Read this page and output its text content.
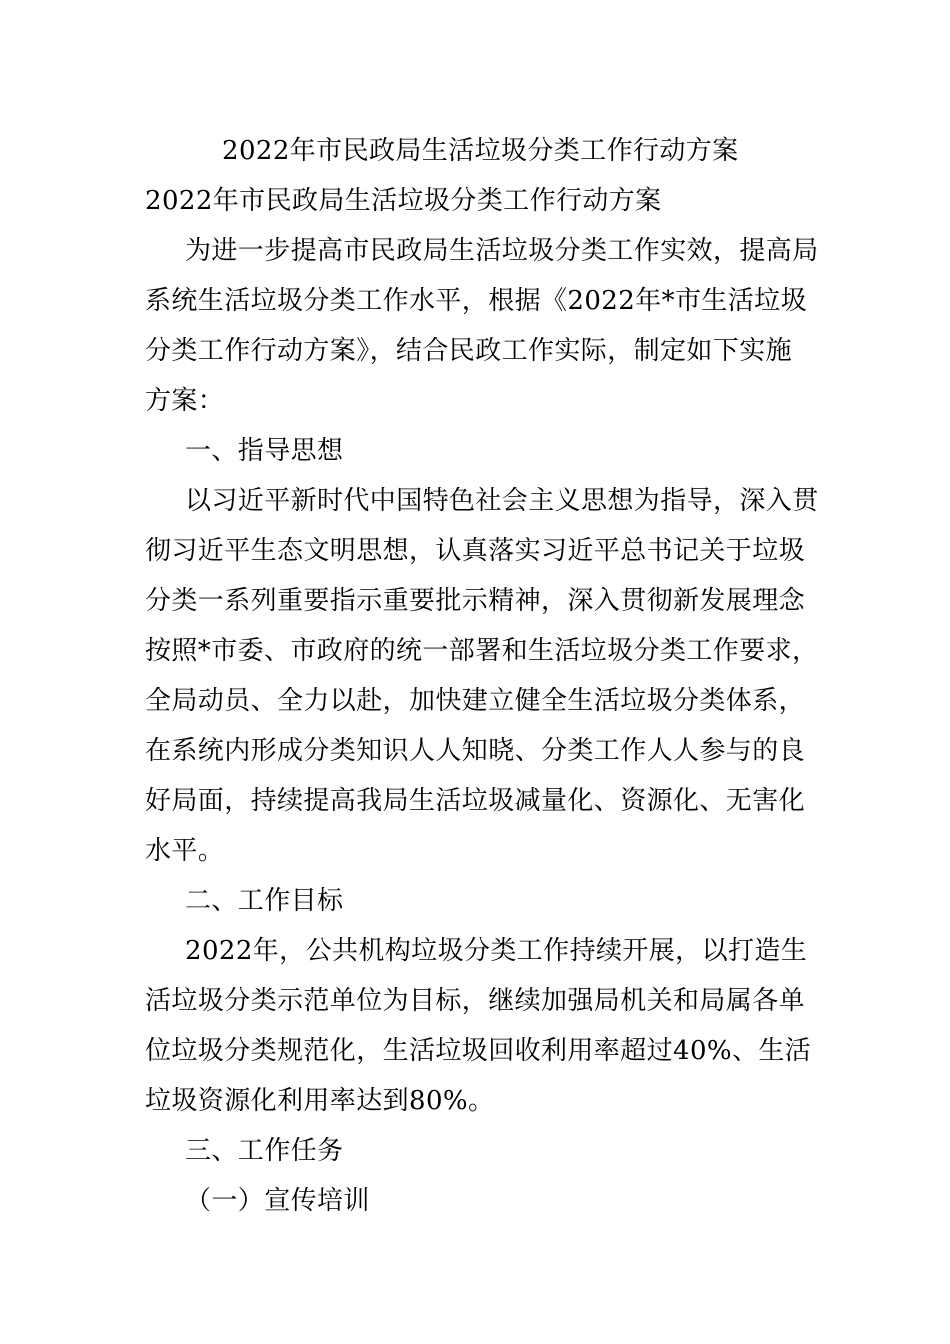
2022年市民政局生活垃圾分类工作行动方案
2022年市民政局生活垃圾分类工作行动方案
为进一步提高市民政局生活垃圾分类工作实效，提高局
系统生活垃圾分类工作水平，根据《2022年*市生活垃圾
分类工作行动方案》，结合民政工作实际，制定如下实施
方案：
一、指导思想
以习近平新时代中国特色社会主义思想为指导，深入贯
彻习近平生态文明思想，认真落实习近平总书记关于垃圾
分类一系列重要指示重要批示精神，深入贯彻新发展理念
按照*市委、市政府的统一部署和生活垃圾分类工作要求，
全局动员、全力以赴，加快建立健全生活垃圾分类体系，
在系统内形成分类知识人人知晓、分类工作人人参与的良
好局面，持续提高我局生活垃圾减量化、资源化、无害化
水平。
二、工作目标
2022年，公共机构垃圾分类工作持续开展，以打造生
活垃圾分类示范单位为目标，继续加强局机关和局属各单
位垃圾分类规范化，生活垃圾回收利用率超过40%、生活
垃圾资源化利用率达到80%。
三、工作任务
（一）宣传培训
